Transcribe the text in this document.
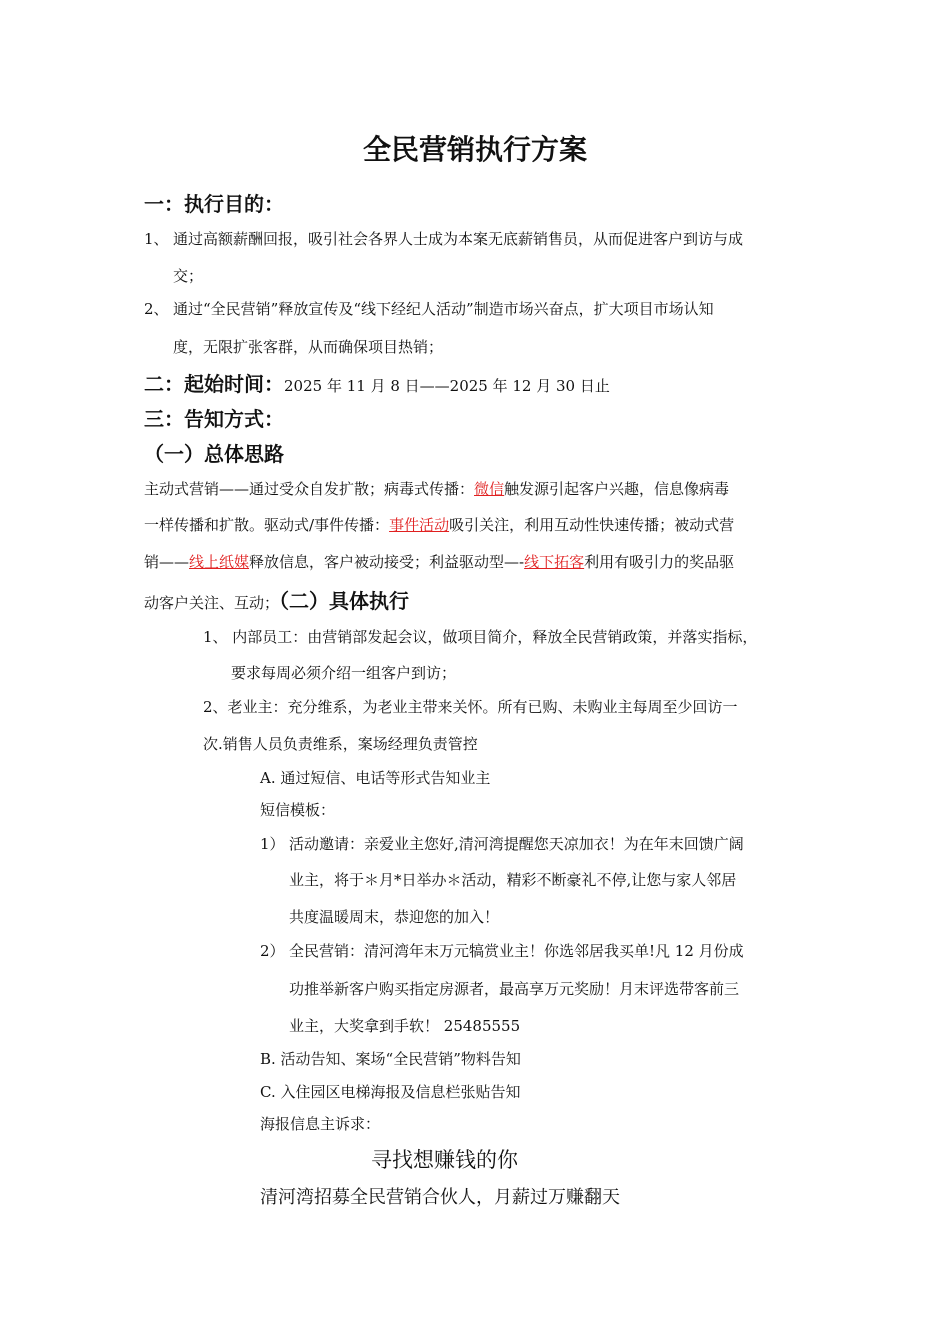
全民营销执行方案
一：执行目的：
1、 通过高额薪酬回报，吸引社会各界人士成为本案无底薪销售员，从而促进客户到访与成
交；
2、 通过“全民营销”释放宣传及“线下经纪人活动”制造市场兴奋点，扩大项目市场认知
度，无限扩张客群，从而确保项目热销；
二：起始时间：2025 年 11 月 8 日——2025 年 12 月 30 日止
三：告知方式：
（一）总体思路
主动式营销——通过受众自发扩散；病毒式传播：微信触发源引起客户兴趣，信息像病毒
一样传播和扩散。驱动式/事件传播：事件活动吸引关注，利用互动性快速传播；被动式营
销——线上纸媒释放信息，客户被动接受；利益驱动型—-线下拓客利用有吸引力的奖品驱
动客户关注、互动；（二）具体执行
1、 内部员工：由营销部发起会议，做项目简介，释放全民营销政策，并落实指标，
要求每周必须介绍一组客户到访；
2、老业主：充分维系，为老业主带来关怀。所有已购、未购业主每周至少回访一
次.销售人员负责维系，案场经理负责管控
A. 通过短信、电话等形式告知业主
短信模板：
1） 活动邀请：亲爱业主您好,清河湾提醒您天凉加衣！为在年末回馈广阔
业主，将于＊月*日举办＊活动，精彩不断豪礼不停,让您与家人邻居
共度温暖周末，恭迎您的加入！
2） 全民营销：清河湾年末万元犒赏业主！你选邻居我买单!凡 12 月份成
功推举新客户购买指定房源者，最高享万元奖励！月末评选带客前三
业主，大奖拿到手软！ 25485555
B. 活动告知、案场“全民营销”物料告知
C. 入住园区电梯海报及信息栏张贴告知
海报信息主诉求：
寻找想赚钱的你
清河湾招募全民营销合伙人，月薪过万赚翻天
